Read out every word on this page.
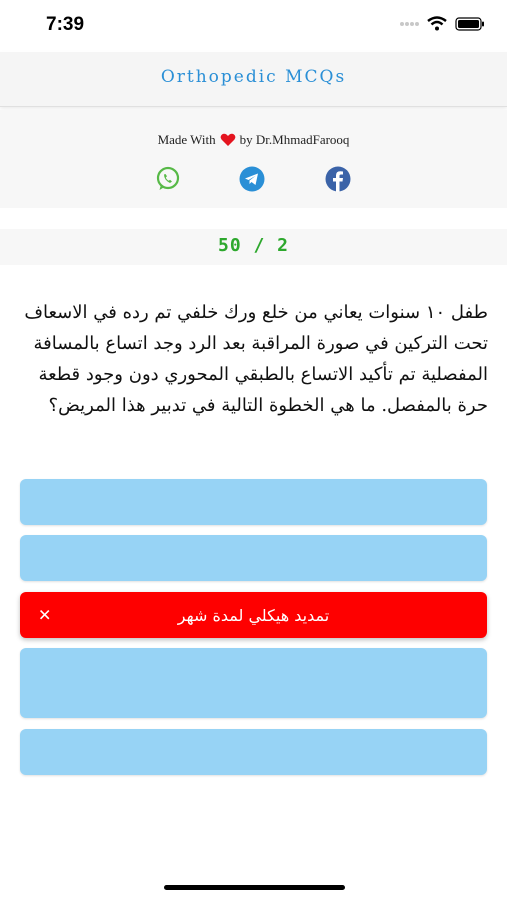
7:39
Orthopedic MCQs
Made With by Dr.MhmadFarooq
50 / 2
طفل ١٠ سنوات يعاني من خلع ورك خلفي تم رده في الاسعاف تحت التركين في صورة المراقبة بعد الرد وجد اتساع بالمسافة المفصلية تم تأكيد الاتساع بالطبقي المحوري دون وجود قطعة حرة بالمفصل. ما هي الخطوة التالية في تدبير هذا المريض؟
✕	تمديد هيكلي لمدة شهر
